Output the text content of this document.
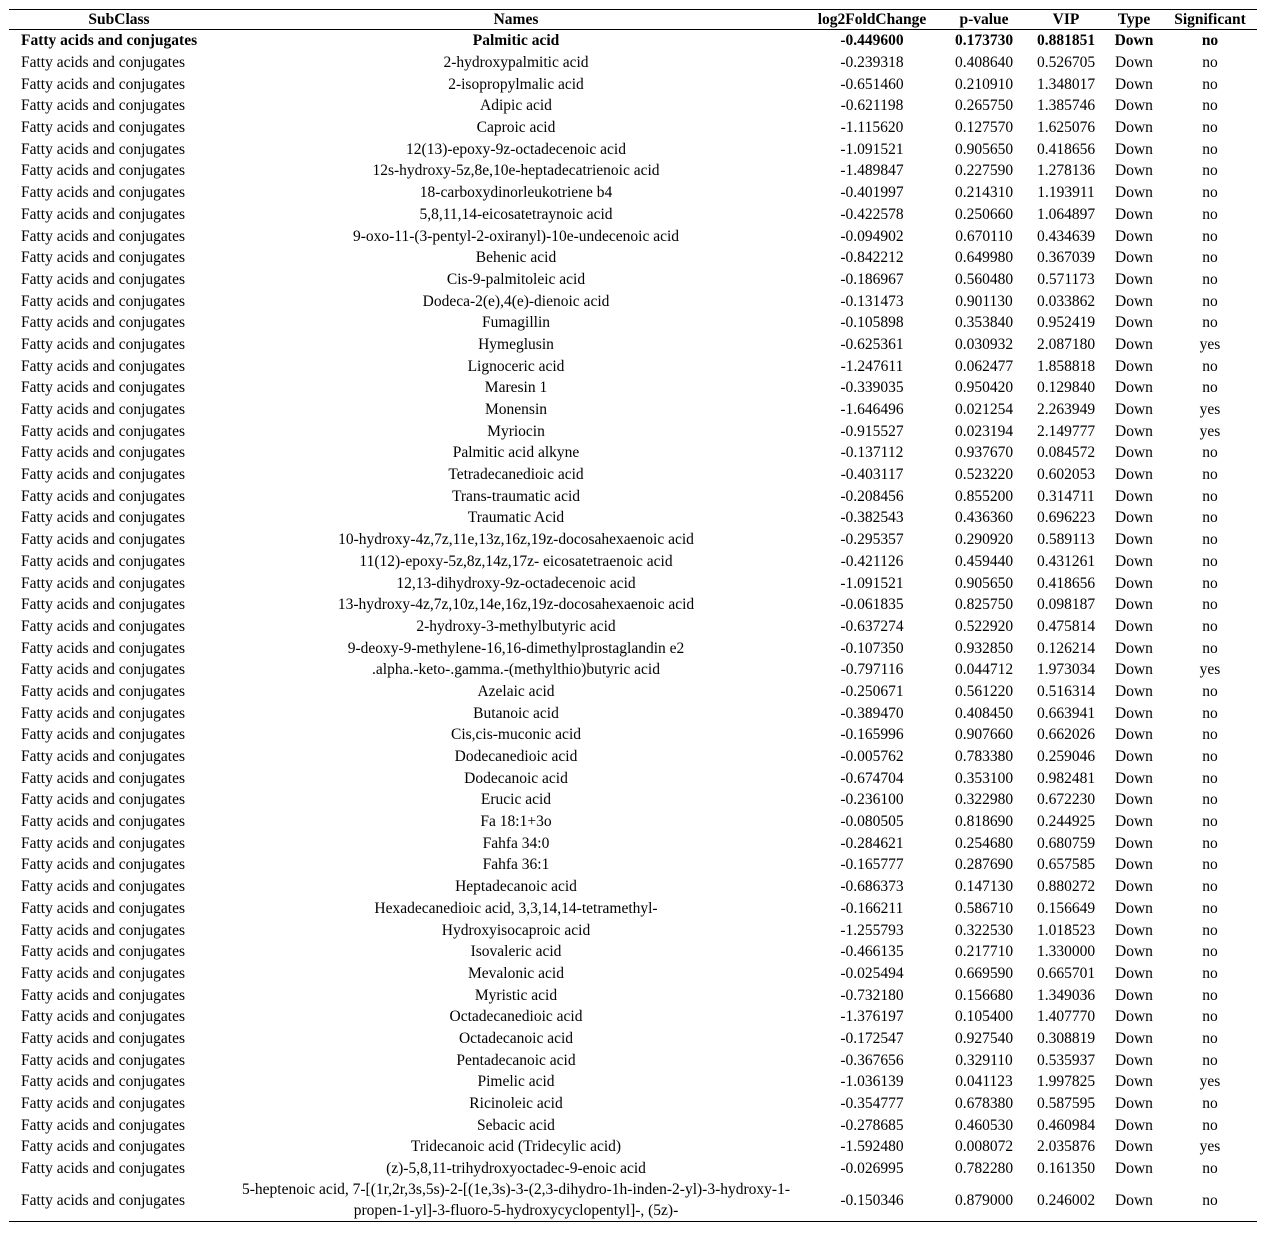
SubClass	Names	log2FoldChange	p-value	VIP	Type	Significant
Fatty acids and conjugates	Palmitic acid	-0.449600	0.173730	0.881851	Down	no
Fatty acids and conjugates	2-hydroxypalmitic acid	-0.239318	0.408640	0.526705	Down	no
Fatty acids and conjugates	2-isopropylmalic acid	-0.651460	0.210910	1.348017	Down	no
Fatty acids and conjugates	Adipic acid	-0.621198	0.265750	1.385746	Down	no
Fatty acids and conjugates	Caproic acid	-1.115620	0.127570	1.625076	Down	no
Fatty acids and conjugates	12(13)-epoxy-9z-octadecenoic acid	-1.091521	0.905650	0.418656	Down	no
Fatty acids and conjugates	12s-hydroxy-5z,8e,10e-heptadecatrienoic acid	-1.489847	0.227590	1.278136	Down	no
Fatty acids and conjugates	18-carboxydinorleukotriene b4	-0.401997	0.214310	1.193911	Down	no
Fatty acids and conjugates	5,8,11,14-eicosatetraynoic acid	-0.422578	0.250660	1.064897	Down	no
Fatty acids and conjugates	9-oxo-11-(3-pentyl-2-oxiranyl)-10e-undecenoic acid	-0.094902	0.670110	0.434639	Down	no
Fatty acids and conjugates	Behenic acid	-0.842212	0.649980	0.367039	Down	no
Fatty acids and conjugates	Cis-9-palmitoleic acid	-0.186967	0.560480	0.571173	Down	no
Fatty acids and conjugates	Dodeca-2(e),4(e)-dienoic acid	-0.131473	0.901130	0.033862	Down	no
Fatty acids and conjugates	Fumagillin	-0.105898	0.353840	0.952419	Down	no
Fatty acids and conjugates	Hymeglusin	-0.625361	0.030932	2.087180	Down	yes
Fatty acids and conjugates	Lignoceric acid	-1.247611	0.062477	1.858818	Down	no
Fatty acids and conjugates	Maresin 1	-0.339035	0.950420	0.129840	Down	no
Fatty acids and conjugates	Monensin	-1.646496	0.021254	2.263949	Down	yes
Fatty acids and conjugates	Myriocin	-0.915527	0.023194	2.149777	Down	yes
Fatty acids and conjugates	Palmitic acid alkyne	-0.137112	0.937670	0.084572	Down	no
Fatty acids and conjugates	Tetradecanedioic acid	-0.403117	0.523220	0.602053	Down	no
Fatty acids and conjugates	Trans-traumatic acid	-0.208456	0.855200	0.314711	Down	no
Fatty acids and conjugates	Traumatic Acid	-0.382543	0.436360	0.696223	Down	no
Fatty acids and conjugates	10-hydroxy-4z,7z,11e,13z,16z,19z-docosahexaenoic acid	-0.295357	0.290920	0.589113	Down	no
Fatty acids and conjugates	11(12)-epoxy-5z,8z,14z,17z- eicosatetraenoic acid	-0.421126	0.459440	0.431261	Down	no
Fatty acids and conjugates	12,13-dihydroxy-9z-octadecenoic acid	-1.091521	0.905650	0.418656	Down	no
Fatty acids and conjugates	13-hydroxy-4z,7z,10z,14e,16z,19z-docosahexaenoic acid	-0.061835	0.825750	0.098187	Down	no
Fatty acids and conjugates	2-hydroxy-3-methylbutyric acid	-0.637274	0.522920	0.475814	Down	no
Fatty acids and conjugates	9-deoxy-9-methylene-16,16-dimethylprostaglandin e2	-0.107350	0.932850	0.126214	Down	no
Fatty acids and conjugates	.alpha.-keto-.gamma.-(methylthio)butyric acid	-0.797116	0.044712	1.973034	Down	yes
Fatty acids and conjugates	Azelaic acid	-0.250671	0.561220	0.516314	Down	no
Fatty acids and conjugates	Butanoic acid	-0.389470	0.408450	0.663941	Down	no
Fatty acids and conjugates	Cis,cis-muconic acid	-0.165996	0.907660	0.662026	Down	no
Fatty acids and conjugates	Dodecanedioic acid	-0.005762	0.783380	0.259046	Down	no
Fatty acids and conjugates	Dodecanoic acid	-0.674704	0.353100	0.982481	Down	no
Fatty acids and conjugates	Erucic acid	-0.236100	0.322980	0.672230	Down	no
Fatty acids and conjugates	Fa 18:1+3o	-0.080505	0.818690	0.244925	Down	no
Fatty acids and conjugates	Fahfa 34:0	-0.284621	0.254680	0.680759	Down	no
Fatty acids and conjugates	Fahfa 36:1	-0.165777	0.287690	0.657585	Down	no
Fatty acids and conjugates	Heptadecanoic acid	-0.686373	0.147130	0.880272	Down	no
Fatty acids and conjugates	Hexadecanedioic acid, 3,3,14,14-tetramethyl-	-0.166211	0.586710	0.156649	Down	no
Fatty acids and conjugates	Hydroxyisocaproic acid	-1.255793	0.322530	1.018523	Down	no
Fatty acids and conjugates	Isovaleric acid	-0.466135	0.217710	1.330000	Down	no
Fatty acids and conjugates	Mevalonic acid	-0.025494	0.669590	0.665701	Down	no
Fatty acids and conjugates	Myristic acid	-0.732180	0.156680	1.349036	Down	no
Fatty acids and conjugates	Octadecanedioic acid	-1.376197	0.105400	1.407770	Down	no
Fatty acids and conjugates	Octadecanoic acid	-0.172547	0.927540	0.308819	Down	no
Fatty acids and conjugates	Pentadecanoic acid	-0.367656	0.329110	0.535937	Down	no
Fatty acids and conjugates	Pimelic acid	-1.036139	0.041123	1.997825	Down	yes
Fatty acids and conjugates	Ricinoleic acid	-0.354777	0.678380	0.587595	Down	no
Fatty acids and conjugates	Sebacic acid	-0.278685	0.460530	0.460984	Down	no
Fatty acids and conjugates	Tridecanoic acid (Tridecylic acid)	-1.592480	0.008072	2.035876	Down	yes
Fatty acids and conjugates	(z)-5,8,11-trihydroxyoctadec-9-enoic acid	-0.026995	0.782280	0.161350	Down	no
Fatty acids and conjugates	5-heptenoic acid, 7-[(1r,2r,3s,5s)-2-[(1e,3s)-3-(2,3-dihydro-1h-inden-2-yl)-3-hydroxy-1-propen-1-yl]-3-fluoro-5-hydroxycyclopentyl]-, (5z)-	-0.150346	0.879000	0.246002	Down	no
